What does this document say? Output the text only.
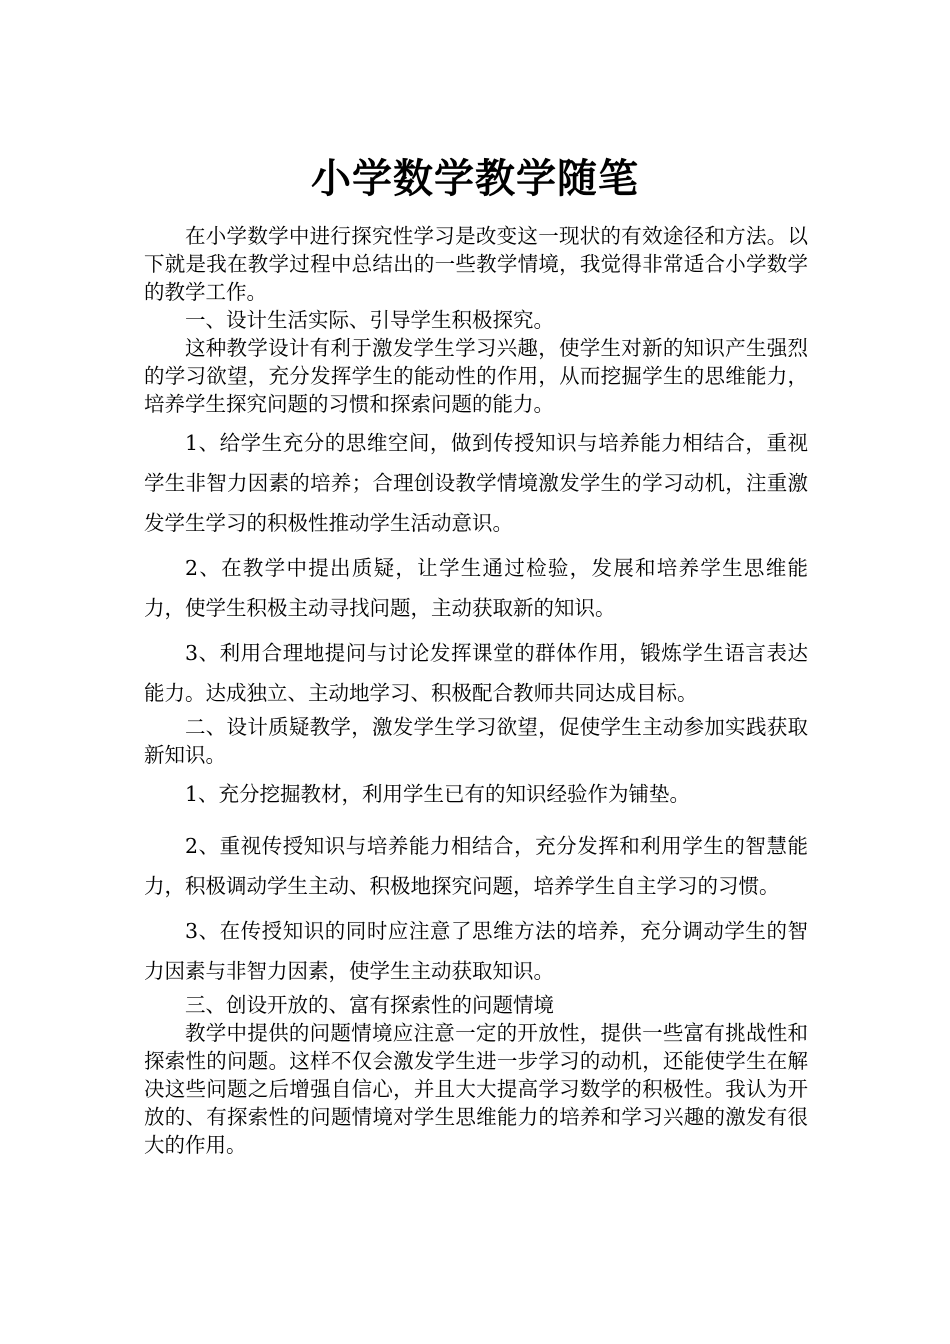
小学数学教学随笔

在小学数学中进行探究性学习是改变这一现状的有效途径和方法。以下就是我在教学过程中总结出的一些教学情境，我觉得非常适合小学数学的教学工作。

一、设计生活实际、引导学生积极探究。

这种教学设计有利于激发学生学习兴趣，使学生对新的知识产生强烈的学习欲望，充分发挥学生的能动性的作用，从而挖掘学生的思维能力，培养学生探究问题的习惯和探索问题的能力。

1、给学生充分的思维空间，做到传授知识与培养能力相结合，重视学生非智力因素的培养；合理创设教学情境激发学生的学习动机，注重激发学生学习的积极性推动学生活动意识。

2、在教学中提出质疑，让学生通过检验，发展和培养学生思维能力，使学生积极主动寻找问题，主动获取新的知识。

3、利用合理地提问与讨论发挥课堂的群体作用，锻炼学生语言表达能力。达成独立、主动地学习、积极配合教师共同达成目标。

二、设计质疑教学，激发学生学习欲望，促使学生主动参加实践获取新知识。

1、充分挖掘教材，利用学生已有的知识经验作为铺垫。

2、重视传授知识与培养能力相结合，充分发挥和利用学生的智慧能力，积极调动学生主动、积极地探究问题，培养学生自主学习的习惯。

3、在传授知识的同时应注意了思维方法的培养，充分调动学生的智力因素与非智力因素，使学生主动获取知识。

三、创设开放的、富有探索性的问题情境

教学中提供的问题情境应注意一定的开放性，提供一些富有挑战性和探索性的问题。这样不仅会激发学生进一步学习的动机，还能使学生在解决这些问题之后增强自信心，并且大大提高学习数学的积极性。我认为开放的、有探索性的问题情境对学生思维能力的培养和学习兴趣的激发有很大的作用。
